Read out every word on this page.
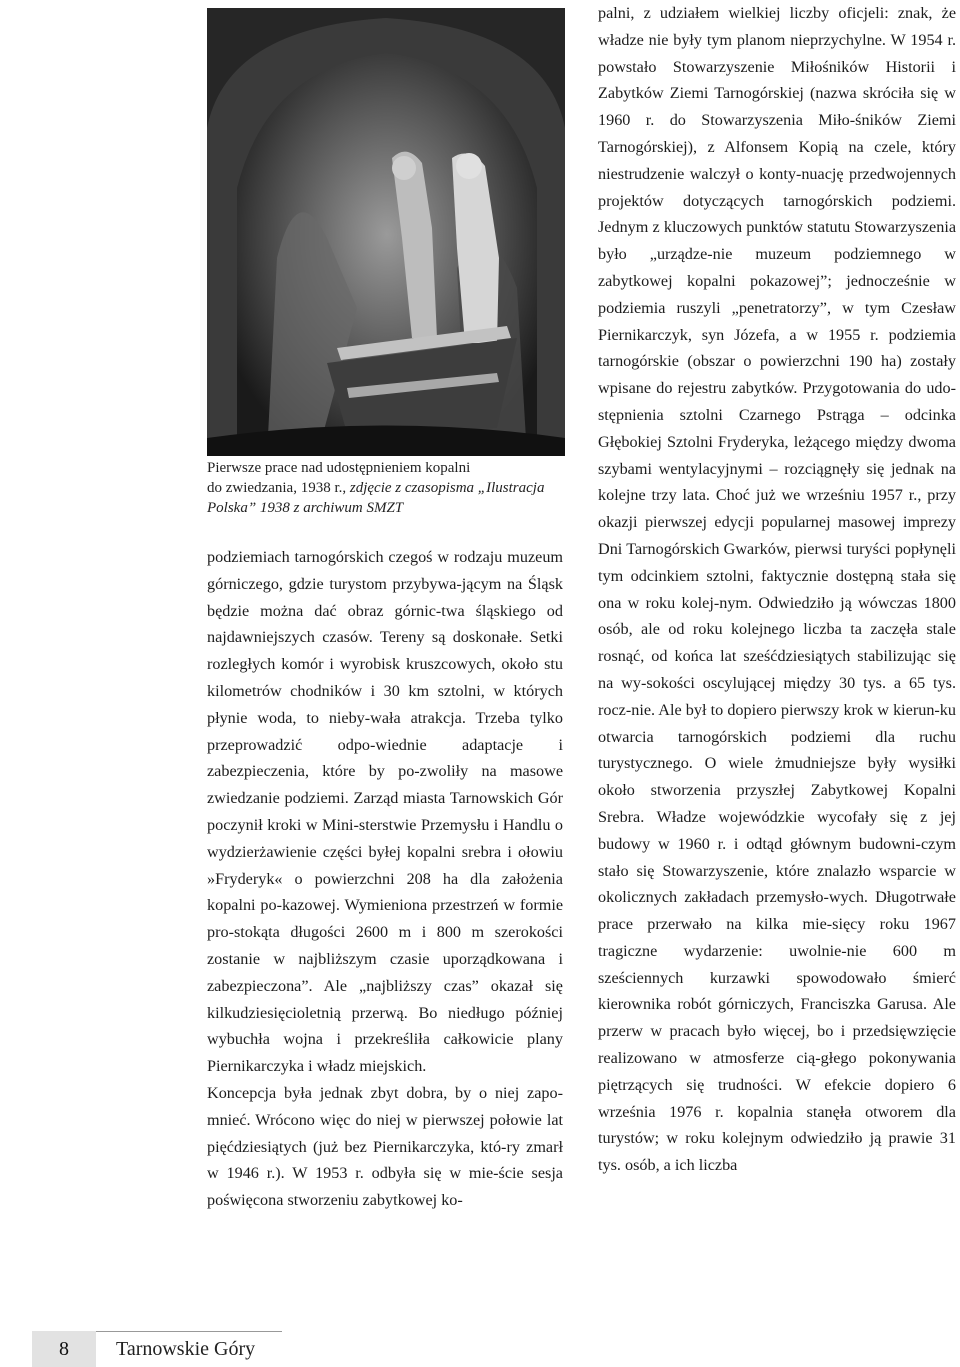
Pierwsze prace nad udostępnieniem kopalni
do zwiedzania, 1938 r., zdjęcie z czasopisma „Ilustracja
Polska” 1938 z archiwum SMZT

podziemiach tarnogórskich czegoś w rodzaju muzeum górniczego, gdzie turystom przybywa-jącym na Śląsk będzie można dać obraz górnic-twa śląskiego od najdawniejszych czasów. Tereny są doskonałe. Setki rozległych komór i wyrobisk kruszcowych, około stu kilometrów chodników i 30 km sztolni, w których płynie woda, to nieby-wała atrakcja. Trzeba tylko przeprowadzić odpo-wiednie adaptacje i zabezpieczenia, które by po-zwoliły na masowe zwiedzanie podziemi. Zarząd miasta Tarnowskich Gór poczynił kroki w Mini-sterstwie Przemysłu i Handlu o wydzierżawienie części byłej kopalni srebra i ołowiu »Fryderyk« o powierzchni 208 ha dla założenia kopalni po-kazowej. Wymieniona przestrzeń w formie pro-stokąta długości 2600 m i 800 m szerokości zostanie w najbliższym czasie uporządkowana i zabezpieczona”. Ale „najbliższy czas” okazał się kilkudziesięcioletnią przerwą. Bo niedługo później wybuchła wojna i przekreśliła całkowicie plany Piernikarczyka i władz miejskich.

Koncepcja była jednak zbyt dobra, by o niej zapo-mnieć. Wrócono więc do niej w pierwszej połowie lat pięćdziesiątych (już bez Piernikarczyka, któ-ry zmarł w 1946 r.). W 1953 r. odbyła się w mie-ście sesja poświęcona stworzeniu zabytkowej ko-

palni, z udziałem wielkiej liczby oficjeli: znak, że władze nie były tym planom nieprzychylne. W 1954 r. powstało Stowarzyszenie Miłośników Historii i Zabytków Ziemi Tarnogórskiej (nazwa skróciła się w 1960 r. do Stowarzyszenia Miło-śników Ziemi Tarnogórskiej), z Alfonsem Kopią na czele, który niestrudzenie walczył o konty-nuację przedwojennych projektów dotyczących tarnogórskich podziemi. Jednym z kluczowych punktów statutu Stowarzyszenia było „urządze-nie muzeum podziemnego w zabytkowej kopalni pokazowej”; jednocześnie w podziemia ruszyli „penetratorzy”, w tym Czesław Piernikarczyk, syn Józefa, a w 1955 r. podziemia tarnogórskie (obszar o powierzchni 190 ha) zostały wpisane do rejestru zabytków. Przygotowania do udo-stępnienia sztolni Czarnego Pstrąga – odcinka Głębokiej Sztolni Fryderyka, leżącego między dwoma szybami wentylacyjnymi – rozciągnęły się jednak na kolejne trzy lata. Choć już we wrześniu 1957 r., przy okazji pierwszej edycji popularnej masowej imprezy Dni Tarnogórskich Gwarków, pierwsi turyści popłynęli tym odcinkiem sztolni, faktycznie dostępną stała się ona w roku kolej-nym. Odwiedziło ją wówczas 1800 osób, ale od roku kolejnego liczba ta zaczęła stale rosnąć, od końca lat sześćdziesiątych stabilizując się na wy-sokości oscylującej między 30 tys. a 65 tys. rocz-nie. Ale był to dopiero pierwszy krok w kierun-ku otwarcia tarnogórskich podziemi dla ruchu turystycznego. O wiele żmudniejsze były wysiłki około stworzenia przyszłej Zabytkowej Kopalni Srebra. Władze wojewódzkie wycofały się z jej budowy w 1960 r. i odtąd głównym budowni-czym stało się Stowarzyszenie, które znalazło wsparcie w okolicznych zakładach przemysło-wych. Długotrwałe prace przerwało na kilka mie-sięcy roku 1967 tragiczne wydarzenie: uwolnie-nie 600 m sześciennych kurzawki spowodowało śmierć kierownika robót górniczych, Franciszka Garusa. Ale przerw w pracach było więcej, bo i przedsięwzięcie realizowano w atmosferze cią-głego pokonywania piętrzących się trudności. W efekcie dopiero 6 września 1976 r. kopalnia stanęła otworem dla turystów; w roku kolejnym odwiedziło ją prawie 31 tys. osób, a ich liczba

8	Tarnowskie Góry
